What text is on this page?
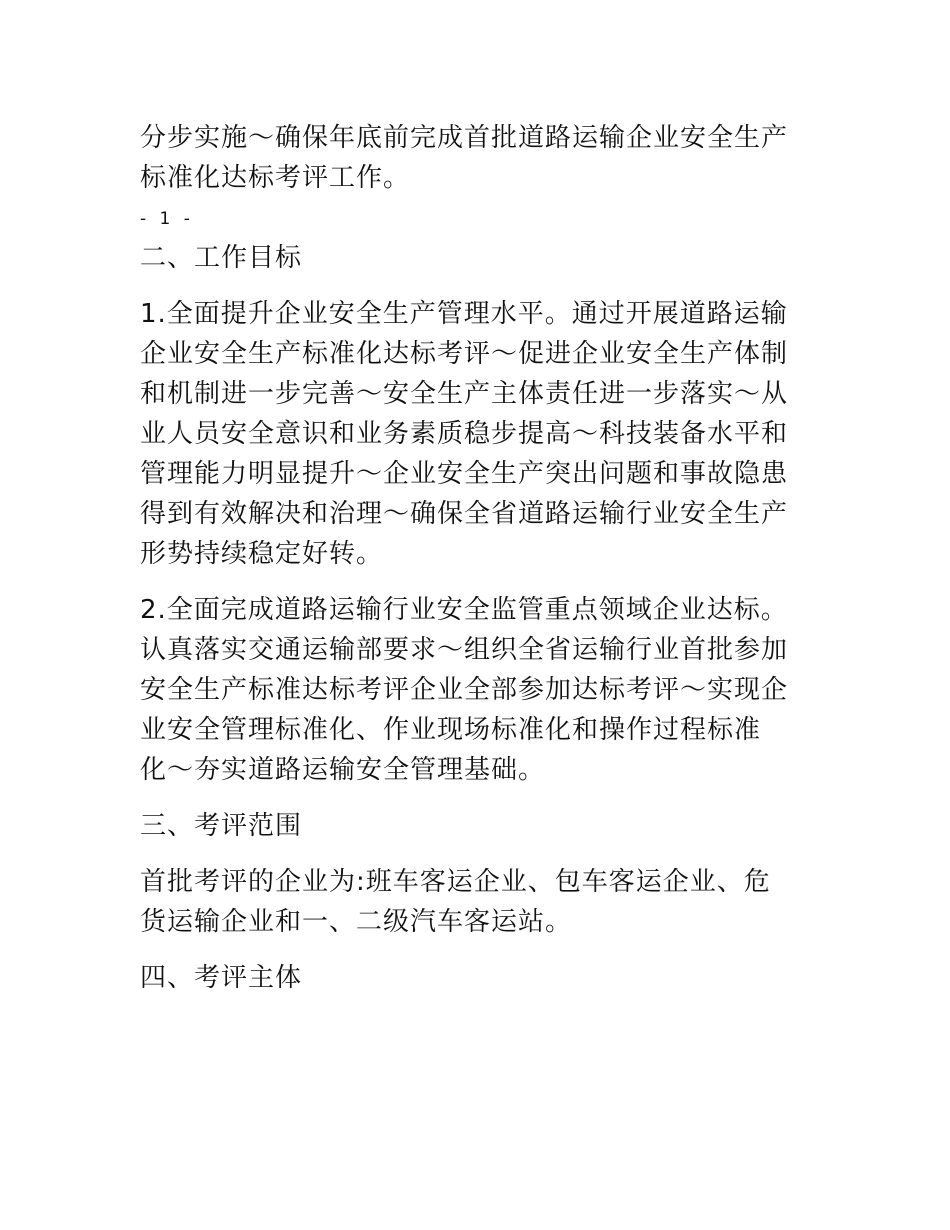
分步实施～确保年底前完成首批道路运输企业安全生产
标准化达标考评工作。
- 1 -
二、工作目标
1.全面提升企业安全生产管理水平。通过开展道路运输
企业安全生产标准化达标考评～促进企业安全生产体制
和机制进一步完善～安全生产主体责任进一步落实～从
业人员安全意识和业务素质稳步提高～科技装备水平和
管理能力明显提升～企业安全生产突出问题和事故隐患
得到有效解决和治理～确保全省道路运输行业安全生产
形势持续稳定好转。
2.全面完成道路运输行业安全监管重点领域企业达标。
认真落实交通运输部要求～组织全省运输行业首批参加
安全生产标准达标考评企业全部参加达标考评～实现企
业安全管理标准化、作业现场标准化和操作过程标准
化～夯实道路运输安全管理基础。
三、考评范围
首批考评的企业为:班车客运企业、包车客运企业、危
货运输企业和一、二级汽车客运站。
四、考评主体
